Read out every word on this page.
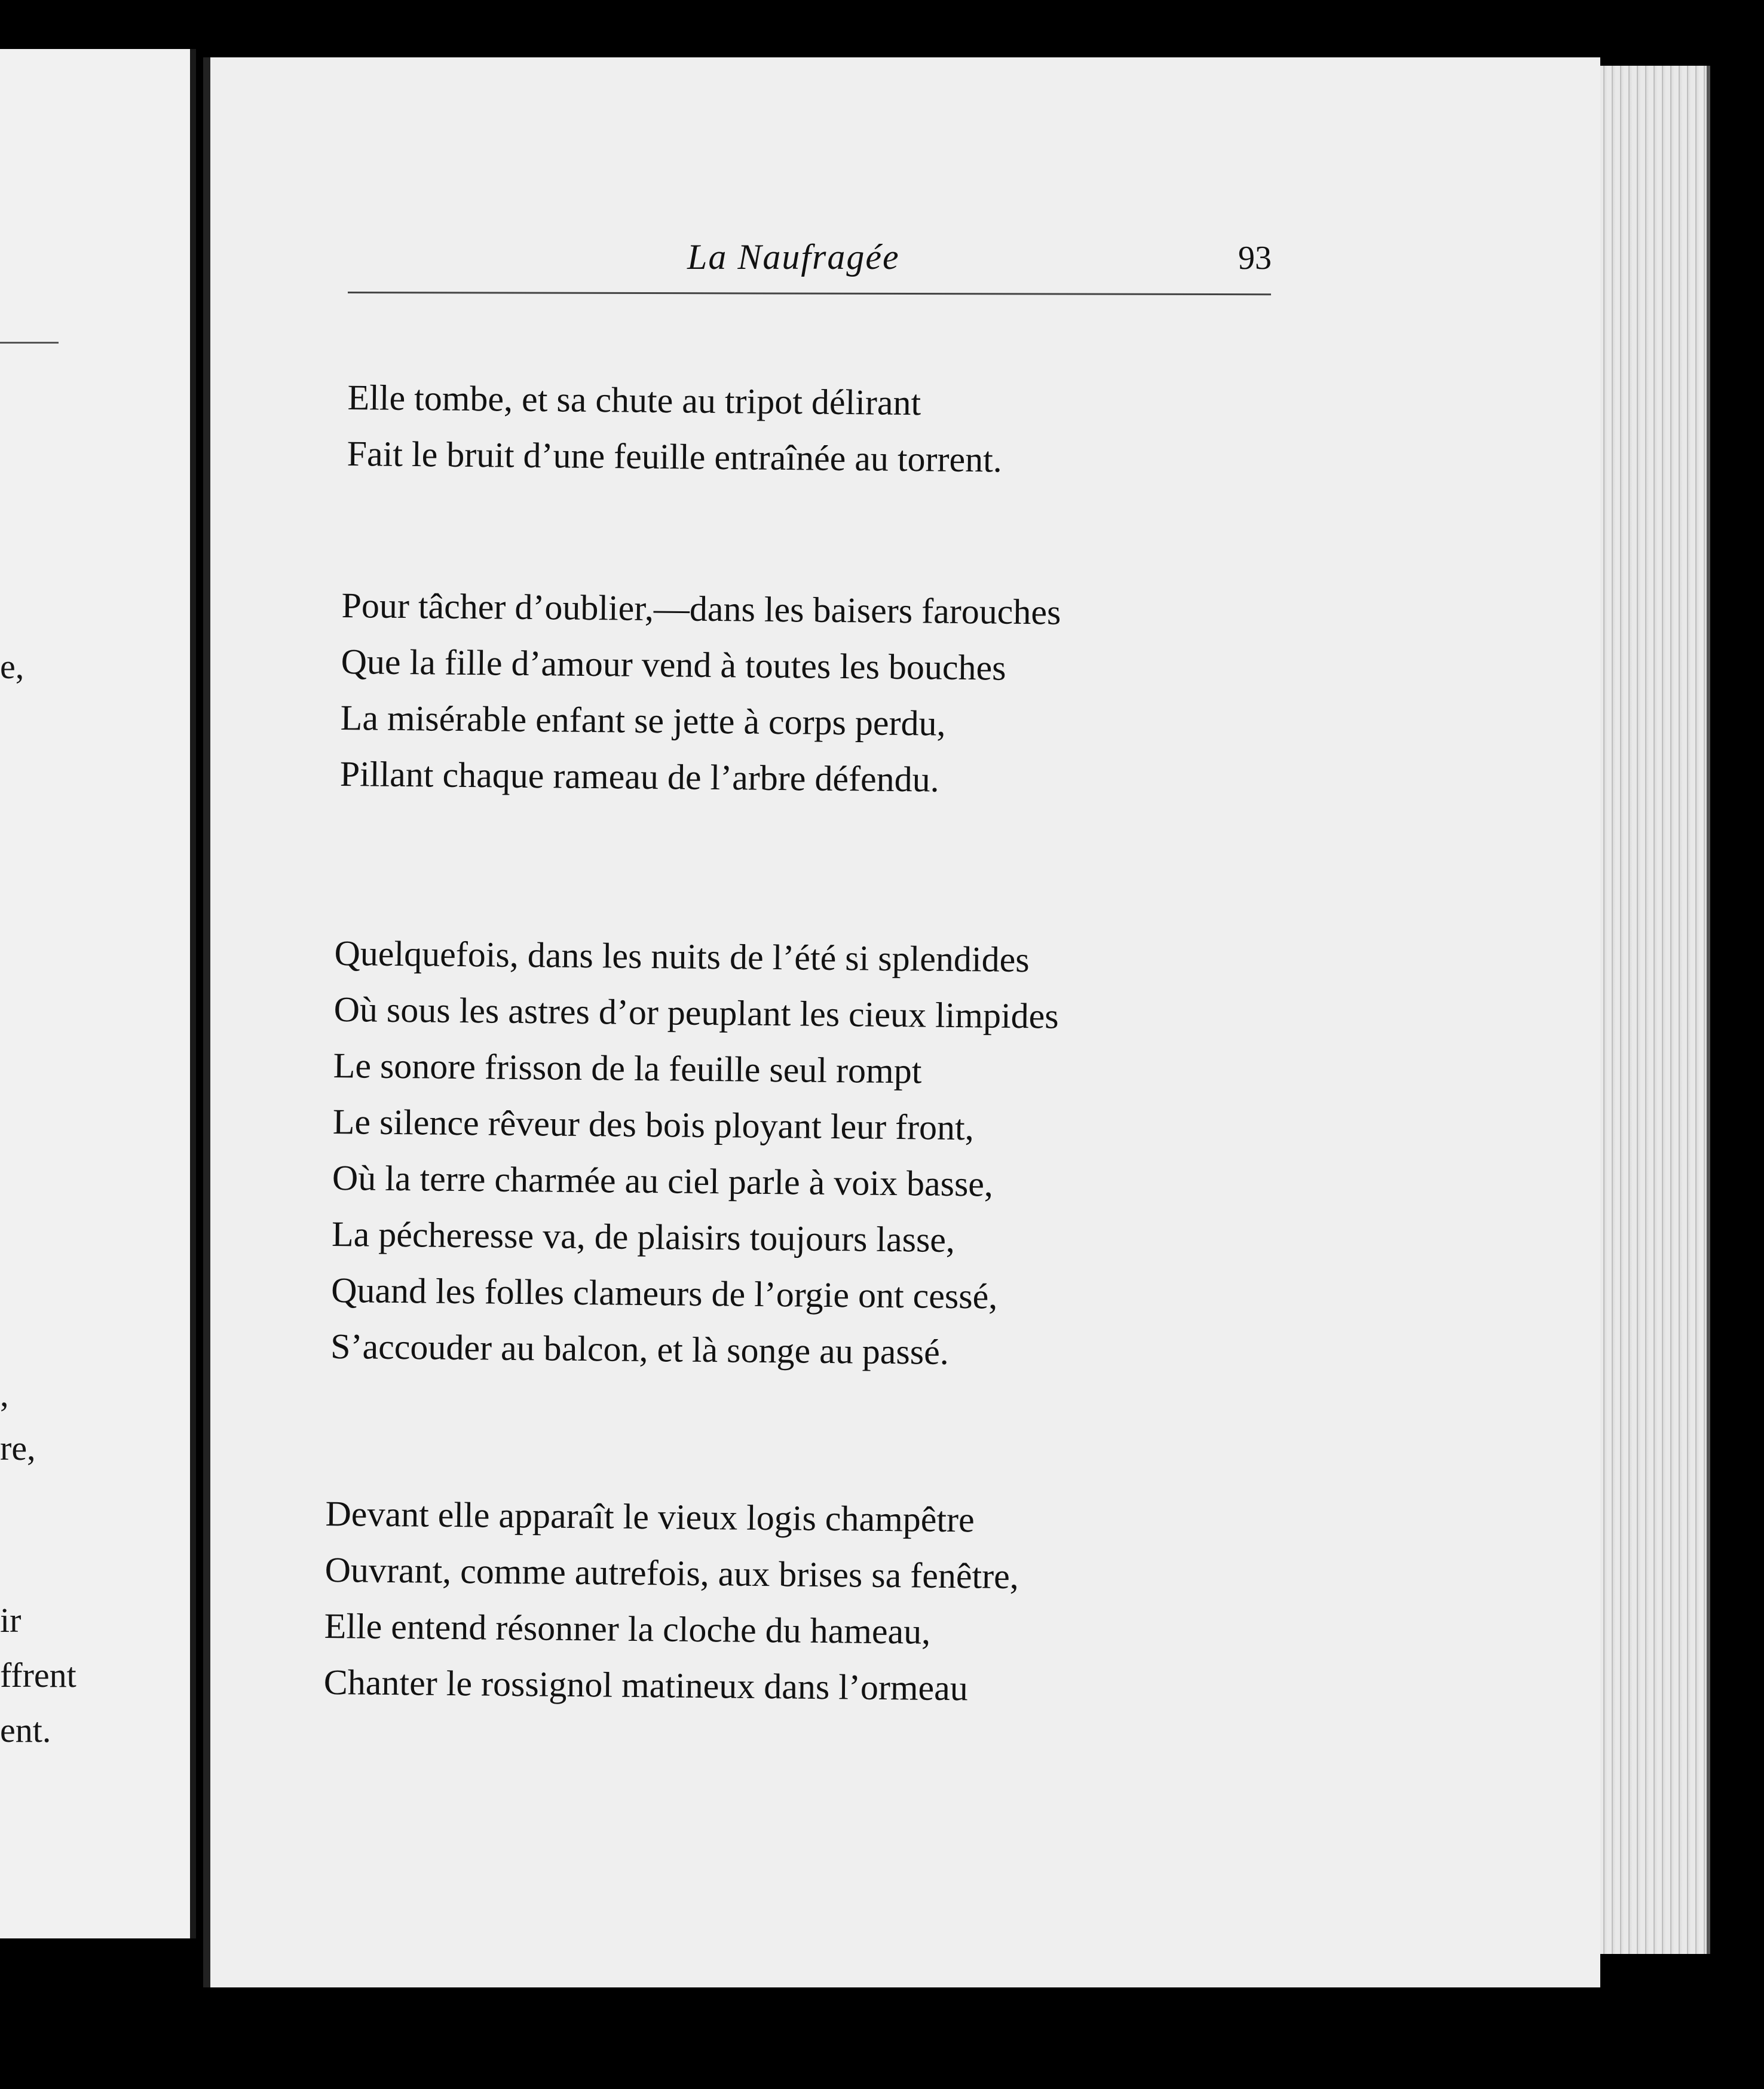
e,
,
re,
ir
ffrent
ent.
La Naufragée	93
Elle tombe, et sa chute au tripot délirant
Fait le bruit d’une feuille entraînée au torrent.
Pour tâcher d’oublier,—dans les baisers farouches
Que la fille d’amour vend à toutes les bouches
La misérable enfant se jette à corps perdu,
Pillant chaque rameau de l’arbre défendu.
Quelquefois, dans les nuits de l’été si splendides
Où sous les astres d’or peuplant les cieux limpides
Le sonore frisson de la feuille seul rompt
Le silence rêveur des bois ployant leur front,
Où la terre charmée au ciel parle à voix basse,
La pécheresse va, de plaisirs toujours lasse,
Quand les folles clameurs de l’orgie ont cessé,
S’accouder au balcon, et là songe au passé.
Devant elle apparaît le vieux logis champêtre
Ouvrant, comme autrefois, aux brises sa fenêtre,
Elle entend résonner la cloche du hameau,
Chanter le rossignol matineux dans l’ormeau
